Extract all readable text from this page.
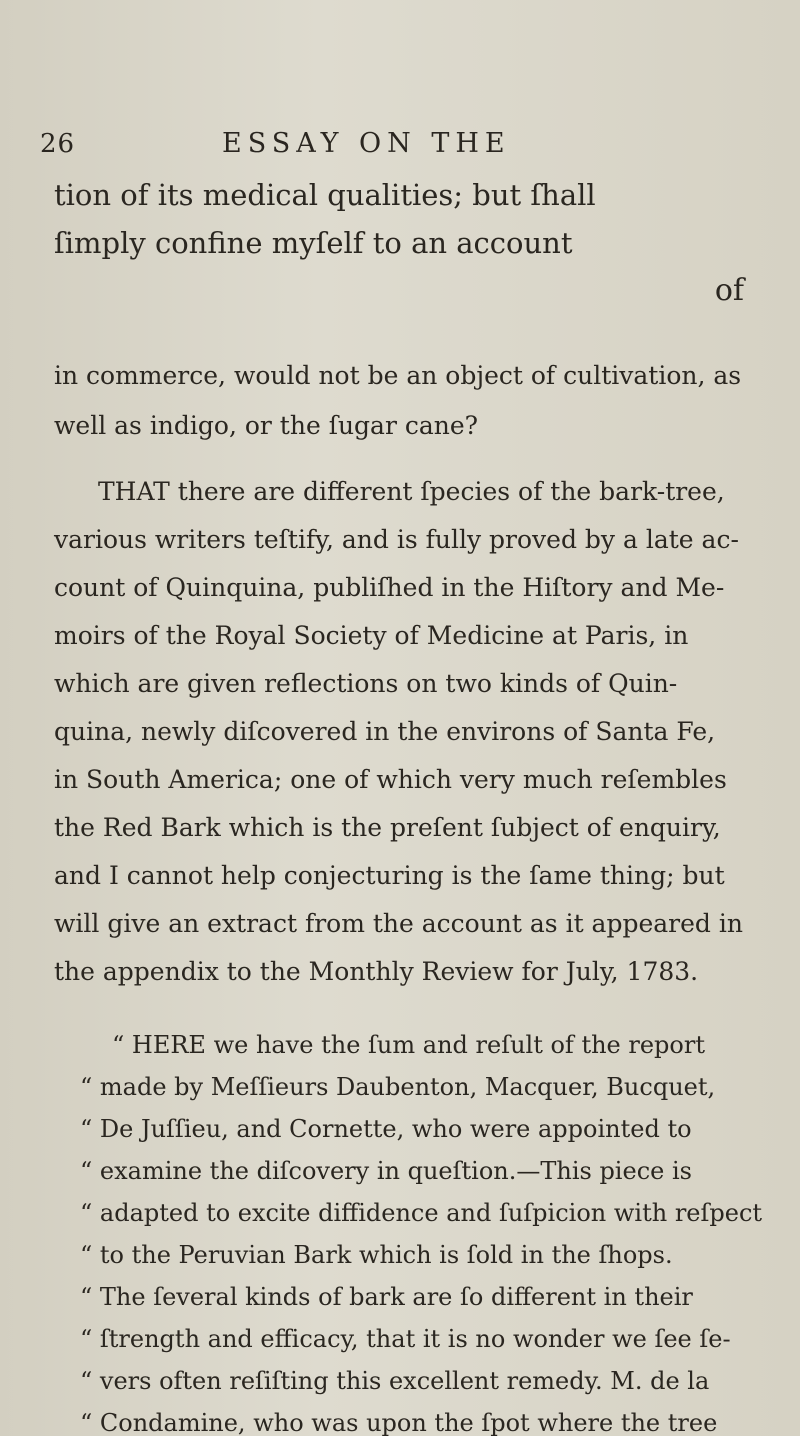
26	ESSAY ON THE
tion of its medical qualities; but ſhall
ſimply confine myſelf to an account
of
in commerce, would not be an object of cultivation, as
well as indigo, or the ſugar cane?
THAT there are different ſpecies of the bark-tree,
various writers teſtify, and is fully proved by a late ac-
count of Quinquina, publiſhed in the Hiſtory and Me-
moirs of the Royal Society of Medicine at Paris, in
which are given reflections on two kinds of Quin-
quina, newly diſcovered in the environs of Santa Fe,
in South America; one of which very much reſembles
the Red Bark which is the preſent ſubject of enquiry,
and I cannot help conjecturing is the ſame thing; but
will give an extract from the account as it appeared in
the appendix to the Monthly Review for July, 1783.
“ HERE we have the ſum and reſult of the report
“ made by Meſſieurs Daubenton, Macquer, Bucquet,
“ De Juſſieu, and Cornette, who were appointed to
“ examine the diſcovery in queſtion.—This piece is
“ adapted to excite diffidence and ſuſpicion with reſpect
“ to the Peruvian Bark which is ſold in the ſhops.
“ The ſeveral kinds of bark are ſo different in their
“ ſtrength and efficacy, that it is no wonder we ſee ſe-
“ vers often reſiſting this excellent remedy. M. de la
“ Condamine, who was upon the ſpot where the tree
